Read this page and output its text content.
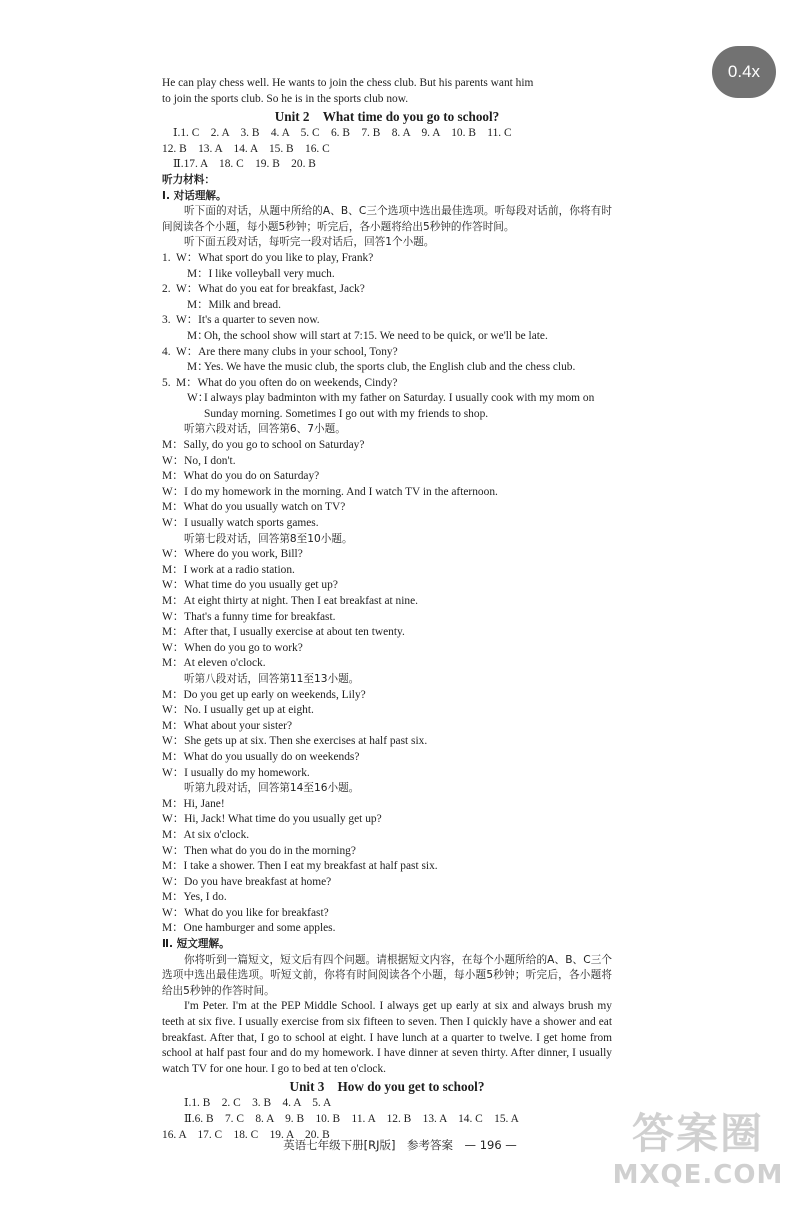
He can play chess well. He wants to join the chess club. But his parents want him
to join the sports club. So he is in the sports club now.
Unit 2　What time do you go to school?
Ⅰ.1. C　2. A　3. B　4. A　5. C　6. B　7. B　8. A　9. A　10. B　11. C
12. B　13. A　14. A　15. B　16. C
Ⅱ.17. A　18. C　19. B　20. B
听力材料：
Ⅰ. 对话理解。
听下面的对话，从题中所给的A、B、C三个选项中选出最佳选项。听每段对话前，你将有时间阅读各个小题，每小题5秒钟；听完后，各小题将给出5秒钟的作答时间。
听下面五段对话，每听完一段对话后，回答1个小题。
1. W：What sport do you like to play, Frank?
M：I like volleyball very much.
2. W：What do you eat for breakfast, Jack?
M：Milk and bread.
3. W：It's a quarter to seven now.
M：
Oh, the school show will start at 7:15. We need to be quick, or we'll be late.
4. W：Are there many clubs in your school, Tony?
M：
Yes. We have the music club, the sports club, the English club and the chess club.
5. M：What do you often do on weekends, Cindy?
W：
I always play badminton with my father on Saturday. I usually cook with my mom on Sunday morning. Sometimes I go out with my friends to shop.
听第六段对话，回答第6、7小题。
M：Sally, do you go to school on Saturday?
W：No, I don't.
M：What do you do on Saturday?
W：I do my homework in the morning. And I watch TV in the afternoon.
M：What do you usually watch on TV?
W：I usually watch sports games.
听第七段对话，回答第8至10小题。
W：Where do you work, Bill?
M：I work at a radio station.
W：What time do you usually get up?
M：At eight thirty at night. Then I eat breakfast at nine.
W：That's a funny time for breakfast.
M：After that, I usually exercise at about ten twenty.
W：When do you go to work?
M：At eleven o'clock.
听第八段对话，回答第11至13小题。
M：Do you get up early on weekends, Lily?
W：No. I usually get up at eight.
M：What about your sister?
W：She gets up at six. Then she exercises at half past six.
M：What do you usually do on weekends?
W：I usually do my homework.
听第九段对话，回答第14至16小题。
M：Hi, Jane!
W：Hi, Jack! What time do you usually get up?
M：At six o'clock.
W：Then what do you do in the morning?
M：I take a shower. Then I eat my breakfast at half past six.
W：Do you have breakfast at home?
M：Yes, I do.
W：What do you like for breakfast?
M：One hamburger and some apples.
Ⅱ. 短文理解。
你将听到一篇短文，短文后有四个问题。请根据短文内容，在每个小题所给的A、B、C三个选项中选出最佳选项。听短文前，你将有时间阅读各个小题，每小题5秒钟；听完后，各小题将给出5秒钟的作答时间。
I'm Peter. I'm at the PEP Middle School. I always get up early at six and always brush my teeth at six five. I usually exercise from six fifteen to seven. Then I quickly have a shower and eat breakfast. After that, I go to school at eight. I have lunch at a quarter to twelve. I get home from school at half past four and do my homework. I have dinner at seven thirty. After dinner, I usually watch TV for one hour. I go to bed at ten o'clock.
Unit 3　How do you get to school?
Ⅰ.1. B　2. C　3. B　4. A　5. A
Ⅱ.6. B　7. C　8. A　9. B　10. B　11. A　12. B　13. A　14. C　15. A
16. A　17. C　18. C　19. A　20. B
英语七年级下册[RJ版]　参考答案　— 196 —	答案圈
MXQE.COM
0.4x
